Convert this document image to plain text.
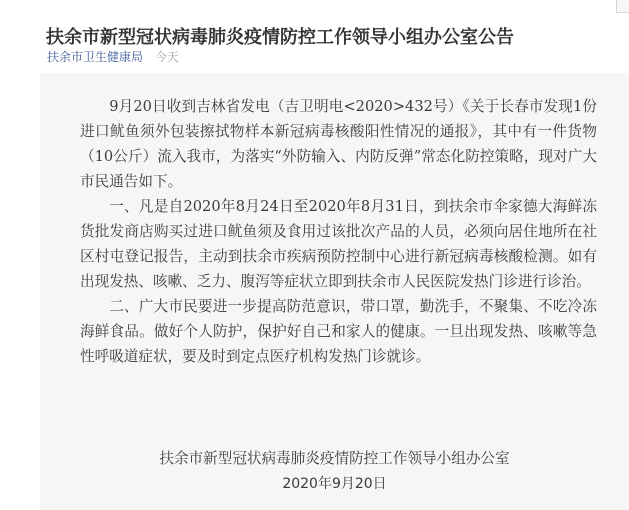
扶余市新型冠状病毒肺炎疫情防控工作领导小组办公室公告
扶余市卫生健康局 今天

9月20日收到吉林省发电（吉卫明电<2020>432号）《关于长春市发现1份进口鱿鱼须外包装擦拭物样本新冠病毒核酸阳性情况的通报》，其中有一件货物（10公斤）流入我市，为落实“外防输入、内防反弹”常态化防控策略，现对广大市民通告如下。

一、凡是自2020年8月24日至2020年8月31日，到扶余市伞家德大海鲜冻货批发商店购买过进口鱿鱼须及食用过该批次产品的人员，必须向居住地所在社区村屯登记报告，主动到扶余市疾病预防控制中心进行新冠病毒核酸检测。如有出现发热、咳嗽、乏力、腹泻等症状立即到扶余市人民医院发热门诊进行诊治。

二、广大市民要进一步提高防范意识，带口罩，勤洗手，不聚集、不吃冷冻海鲜食品。做好个人防护，保护好自己和家人的健康。一旦出现发热、咳嗽等急性呼吸道症状，要及时到定点医疗机构发热门诊就诊。

扶余市新型冠状病毒肺炎疫情防控工作领导小组办公室
2020年9月20日
